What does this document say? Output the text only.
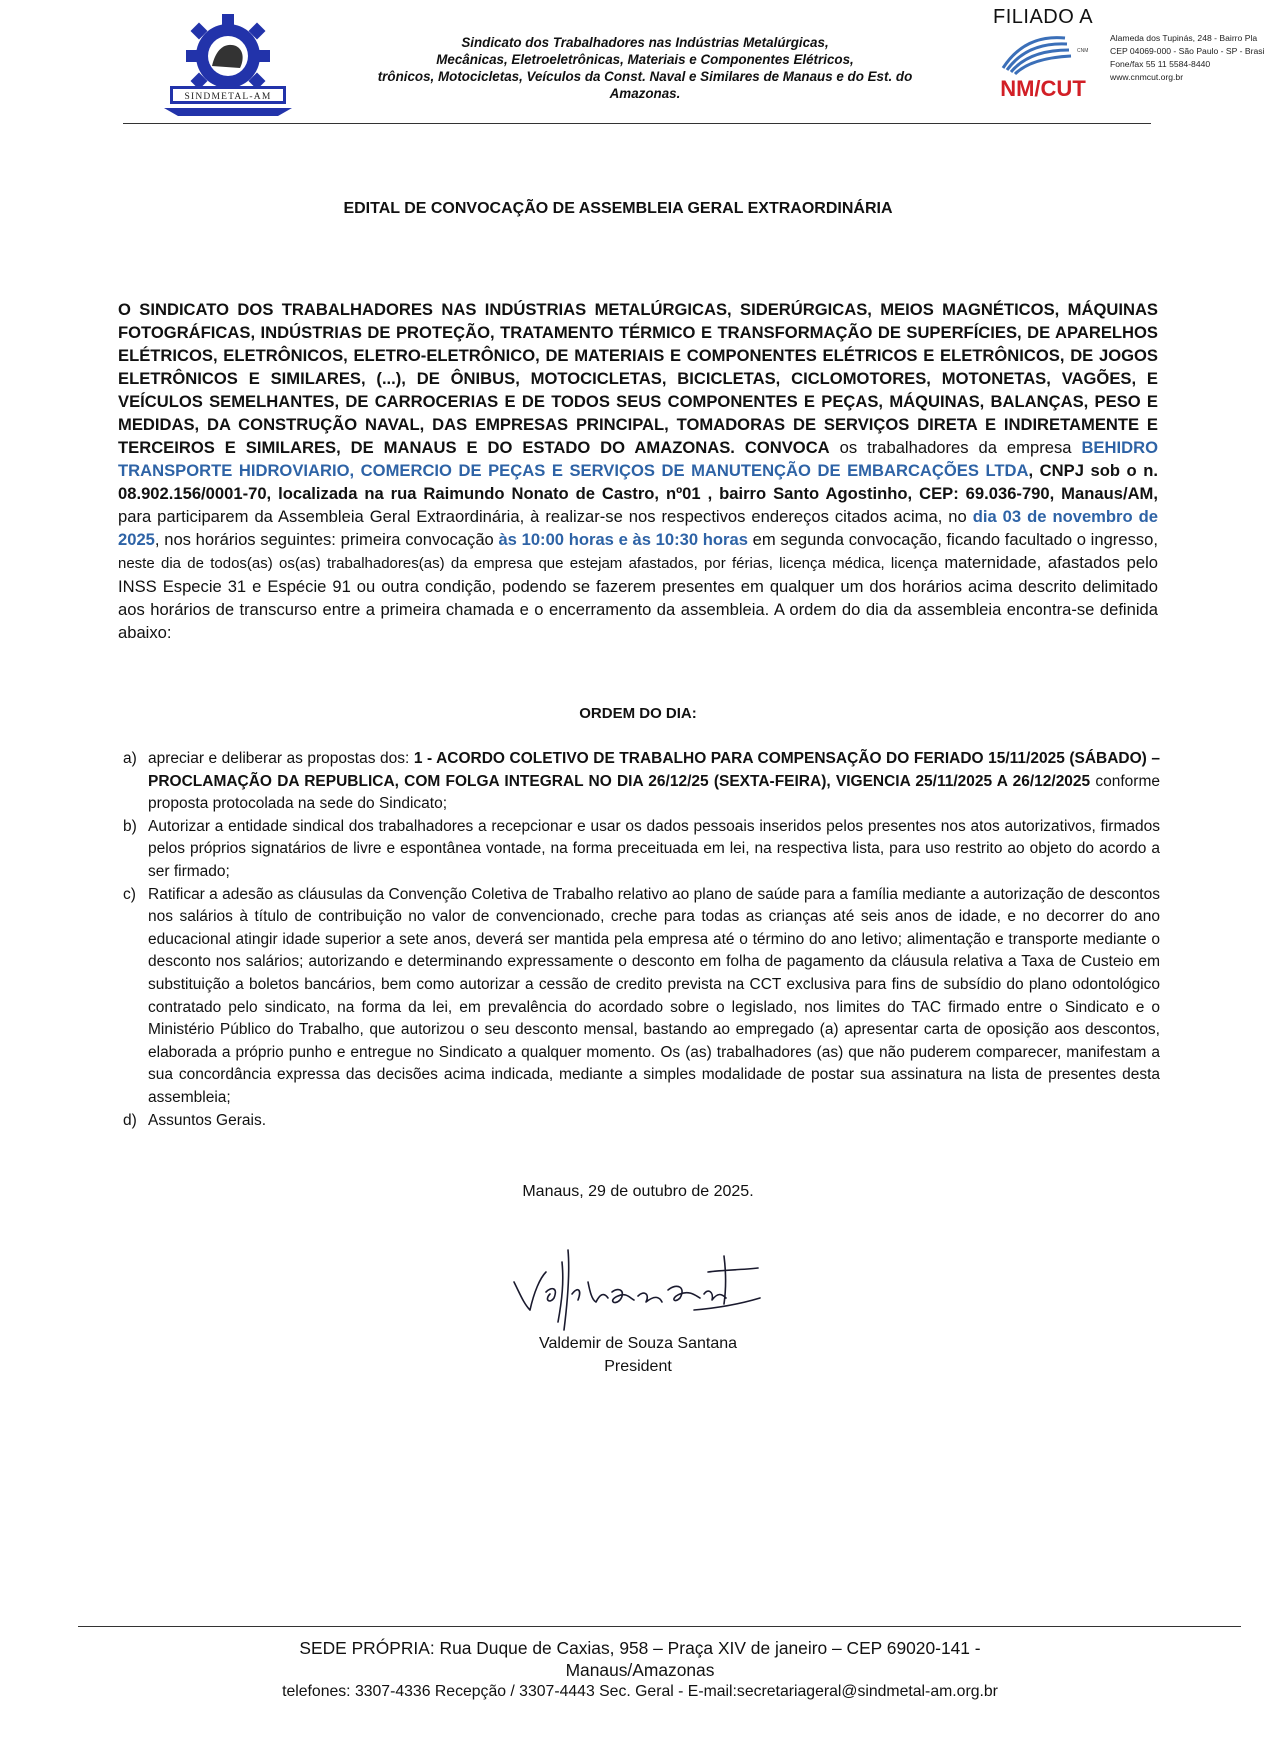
SINDMETAL-AM
Sindicato dos Trabalhadores nas Indústrias Metalúrgicas,
Mecânicas, Eletroeletrônicas, Materiais e Componentes Elétricos,
trônicos, Motocicletas, Veículos da Const. Naval e Similares de Manaus e do Est. do
Amazonas.
FILIADO A
CNM
NM/CUT
Alameda dos Tupinás, 248 - Bairro Pla
CEP 04069-000 - São Paulo - SP - Brasi
Fone/fax 55 11 5584-8440
www.cnmcut.org.br
EDITAL DE CONVOCAÇÃO DE ASSEMBLEIA GERAL EXTRAORDINÁRIA
O SINDICATO DOS TRABALHADORES NAS INDÚSTRIAS METALÚRGICAS, SIDERÚRGICAS, MEIOS MAGNÉTICOS, MÁQUINAS FOTOGRÁFICAS, INDÚSTRIAS DE PROTEÇÃO, TRATAMENTO TÉRMICO E TRANSFORMAÇÃO DE SUPERFÍCIES, DE APARELHOS ELÉTRICOS, ELETRÔNICOS, ELETRO-ELETRÔNICO, DE MATERIAIS E COMPONENTES ELÉTRICOS E ELETRÔNICOS, DE JOGOS ELETRÔNICOS E SIMILARES, (...), DE ÔNIBUS, MOTOCICLETAS, BICICLETAS, CICLOMOTORES, MOTONETAS, VAGÕES, E VEÍCULOS SEMELHANTES, DE CARROCERIAS E DE TODOS SEUS COMPONENTES E PEÇAS, MÁQUINAS, BALANÇAS, PESO E MEDIDAS, DA CONSTRUÇÃO NAVAL, DAS EMPRESAS PRINCIPAL, TOMADORAS DE SERVIÇOS DIRETA E INDIRETAMENTE E TERCEIROS E SIMILARES, DE MANAUS E DO ESTADO DO AMAZONAS. CONVOCA os trabalhadores da empresa BEHIDRO TRANSPORTE HIDROVIARIO, COMERCIO DE PEÇAS E SERVIÇOS DE MANUTENÇÃO DE EMBARCAÇÕES LTDA, CNPJ sob o n. 08.902.156/0001-70, localizada na rua Raimundo Nonato de Castro, nº01 , bairro Santo Agostinho, CEP: 69.036-790, Manaus/AM, para participarem da Assembleia Geral Extraordinária, à realizar-se nos respectivos endereços citados acima, no dia 03 de novembro de 2025, nos horários seguintes: primeira convocação às 10:00 horas e às 10:30 horas em segunda convocação, ficando facultado o ingresso, neste dia de todos(as) os(as) trabalhadores(as) da empresa que estejam afastados, por férias, licença médica, licença maternidade, afastados pelo INSS Especie 31 e Espécie 91 ou outra condição, podendo se fazerem presentes em qualquer um dos horários acima descrito delimitado aos horários de transcurso entre a primeira chamada e o encerramento da assembleia. A ordem do dia da assembleia encontra-se definida abaixo:
ORDEM DO DIA:
a) apreciar e deliberar as propostas dos: 1 - ACORDO COLETIVO DE TRABALHO PARA COMPENSAÇÃO DO FERIADO 15/11/2025 (SÁBADO) – PROCLAMAÇÃO DA REPUBLICA, COM FOLGA INTEGRAL NO DIA 26/12/25 (SEXTA-FEIRA), VIGENCIA 25/11/2025 A 26/12/2025 conforme proposta protocolada na sede do Sindicato;
b) Autorizar a entidade sindical dos trabalhadores a recepcionar e usar os dados pessoais inseridos pelos presentes nos atos autorizativos, firmados pelos próprios signatários de livre e espontânea vontade, na forma preceituada em lei, na respectiva lista, para uso restrito ao objeto do acordo a ser firmado;
c) Ratificar a adesão as cláusulas da Convenção Coletiva de Trabalho relativo ao plano de saúde para a família mediante a autorização de descontos nos salários à título de contribuição no valor de convencionado, creche para todas as crianças até seis anos de idade, e no decorrer do ano educacional atingir idade superior a sete anos, deverá ser mantida pela empresa até o término do ano letivo; alimentação e transporte mediante o desconto nos salários; autorizando e determinando expressamente o desconto em folha de pagamento da cláusula relativa a Taxa de Custeio em substituição a boletos bancários, bem como autorizar a cessão de credito prevista na CCT exclusiva para fins de subsídio do plano odontológico contratado pelo sindicato, na forma da lei, em prevalência do acordado sobre o legislado, nos limites do TAC firmado entre o Sindicato e o Ministério Público do Trabalho, que autorizou o seu desconto mensal, bastando ao empregado (a) apresentar carta de oposição aos descontos, elaborada a próprio punho e entregue no Sindicato a qualquer momento. Os (as) trabalhadores (as) que não puderem comparecer, manifestam a sua concordância expressa das decisões acima indicada, mediante a simples modalidade de postar sua assinatura na lista de presentes desta assembleia;
d) Assuntos Gerais.
Manaus, 29 de outubro de 2025.
Valdemir de Souza Santana
President
SEDE PRÓPRIA: Rua Duque de Caxias, 958 – Praça XIV de janeiro – CEP 69020-141 -
Manaus/Amazonas
telefones: 3307-4336 Recepção / 3307-4443 Sec. Geral - E-mail:secretariageral@sindmetal-am.org.br
